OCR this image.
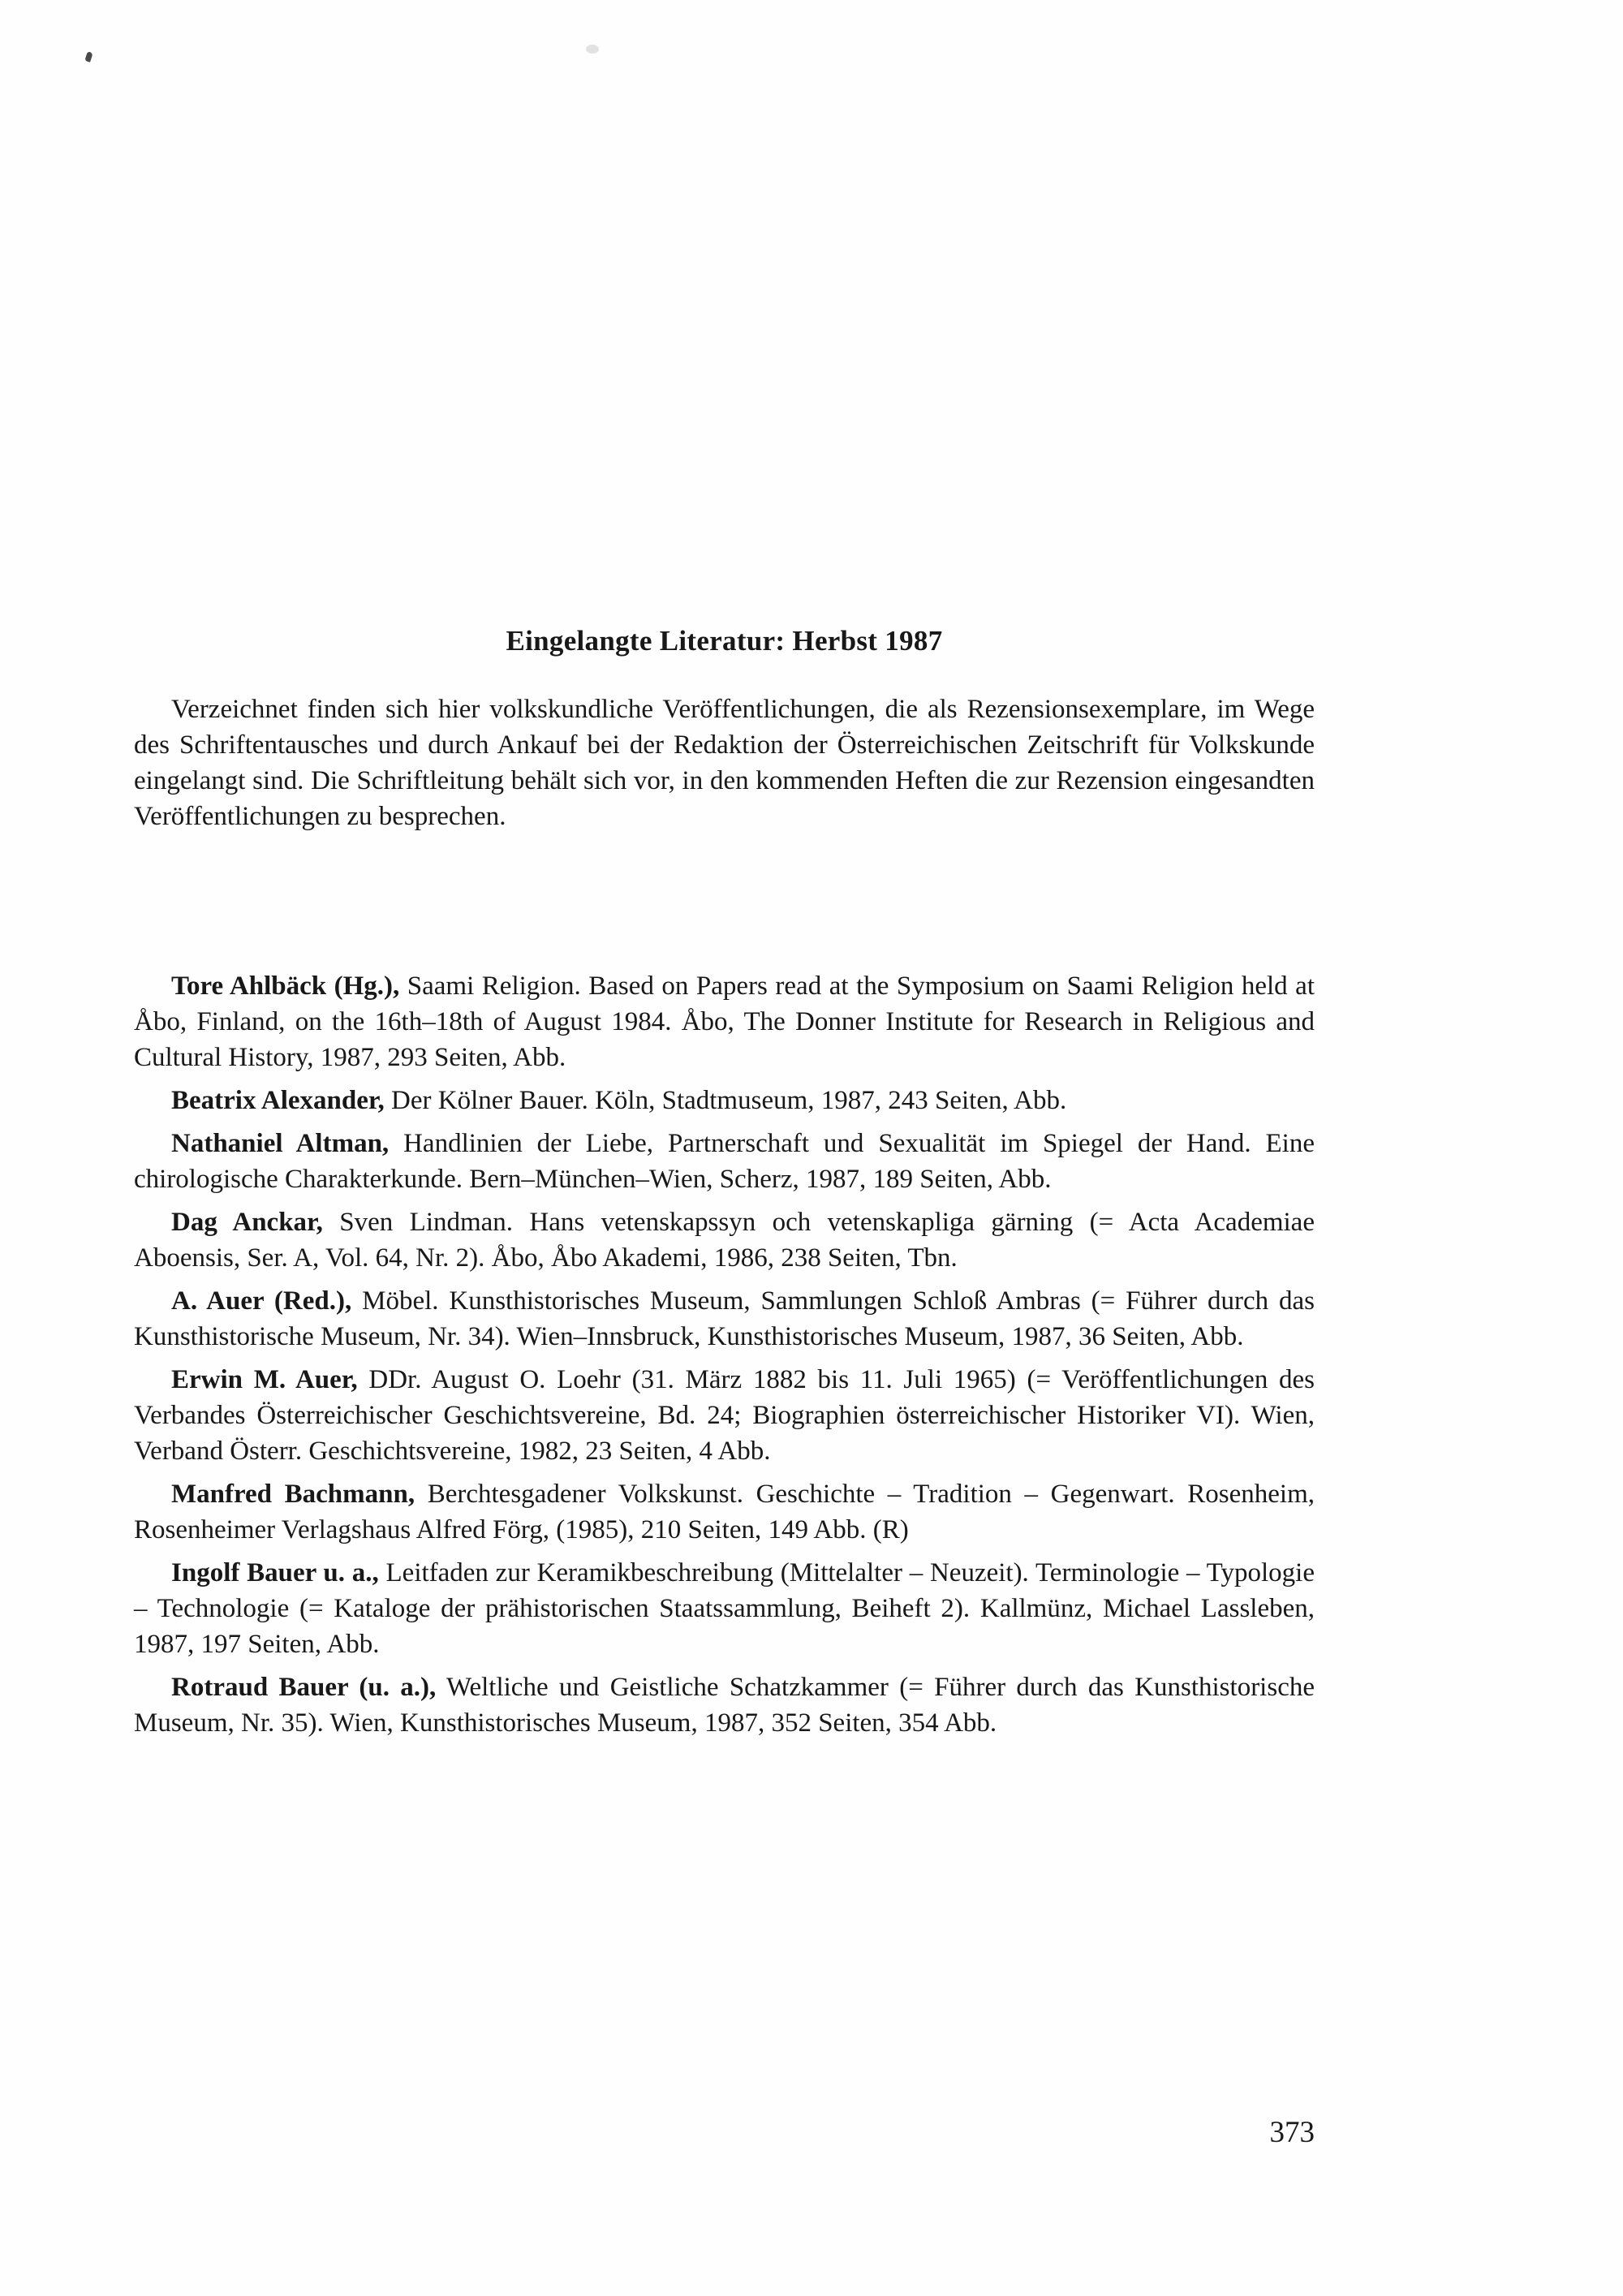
Eingelangte Literatur: Herbst 1987

Verzeichnet finden sich hier volkskundliche Veröffentlichungen, die als Rezensionsexemplare, im Wege des Schriftentausches und durch Ankauf bei der Redaktion der Österreichischen Zeitschrift für Volkskunde eingelangt sind. Die Schriftleitung behält sich vor, in den kommenden Heften die zur Rezension eingesandten Veröffentlichungen zu besprechen.

Tore Ahlbäck (Hg.), Saami Religion. Based on Papers read at the Symposium on Saami Religion held at Åbo, Finland, on the 16th–18th of August 1984. Åbo, The Donner Institute for Research in Religious and Cultural History, 1987, 293 Seiten, Abb.

Beatrix Alexander, Der Kölner Bauer. Köln, Stadtmuseum, 1987, 243 Seiten, Abb.

Nathaniel Altman, Handlinien der Liebe, Partnerschaft und Sexualität im Spiegel der Hand. Eine chirologische Charakterkunde. Bern–München–Wien, Scherz, 1987, 189 Seiten, Abb.

Dag Anckar, Sven Lindman. Hans vetenskapssyn och vetenskapliga gärning (= Acta Academiae Aboensis, Ser. A, Vol. 64, Nr. 2). Åbo, Åbo Akademi, 1986, 238 Seiten, Tbn.

A. Auer (Red.), Möbel. Kunsthistorisches Museum, Sammlungen Schloß Ambras (= Führer durch das Kunsthistorische Museum, Nr. 34). Wien–Innsbruck, Kunsthistorisches Museum, 1987, 36 Seiten, Abb.

Erwin M. Auer, DDr. August O. Loehr (31. März 1882 bis 11. Juli 1965) (= Veröffentlichungen des Verbandes Österreichischer Geschichtsvereine, Bd. 24; Biographien österreichischer Historiker VI). Wien, Verband Österr. Geschichtsvereine, 1982, 23 Seiten, 4 Abb.

Manfred Bachmann, Berchtesgadener Volkskunst. Geschichte – Tradition – Gegenwart. Rosenheim, Rosenheimer Verlagshaus Alfred Förg, (1985), 210 Seiten, 149 Abb. (R)

Ingolf Bauer u. a., Leitfaden zur Keramikbeschreibung (Mittelalter – Neuzeit). Terminologie – Typologie – Technologie (= Kataloge der prähistorischen Staatssammlung, Beiheft 2). Kallmünz, Michael Lassleben, 1987, 197 Seiten, Abb.

Rotraud Bauer (u. a.), Weltliche und Geistliche Schatzkammer (= Führer durch das Kunsthistorische Museum, Nr. 35). Wien, Kunsthistorisches Museum, 1987, 352 Seiten, 354 Abb.

373
